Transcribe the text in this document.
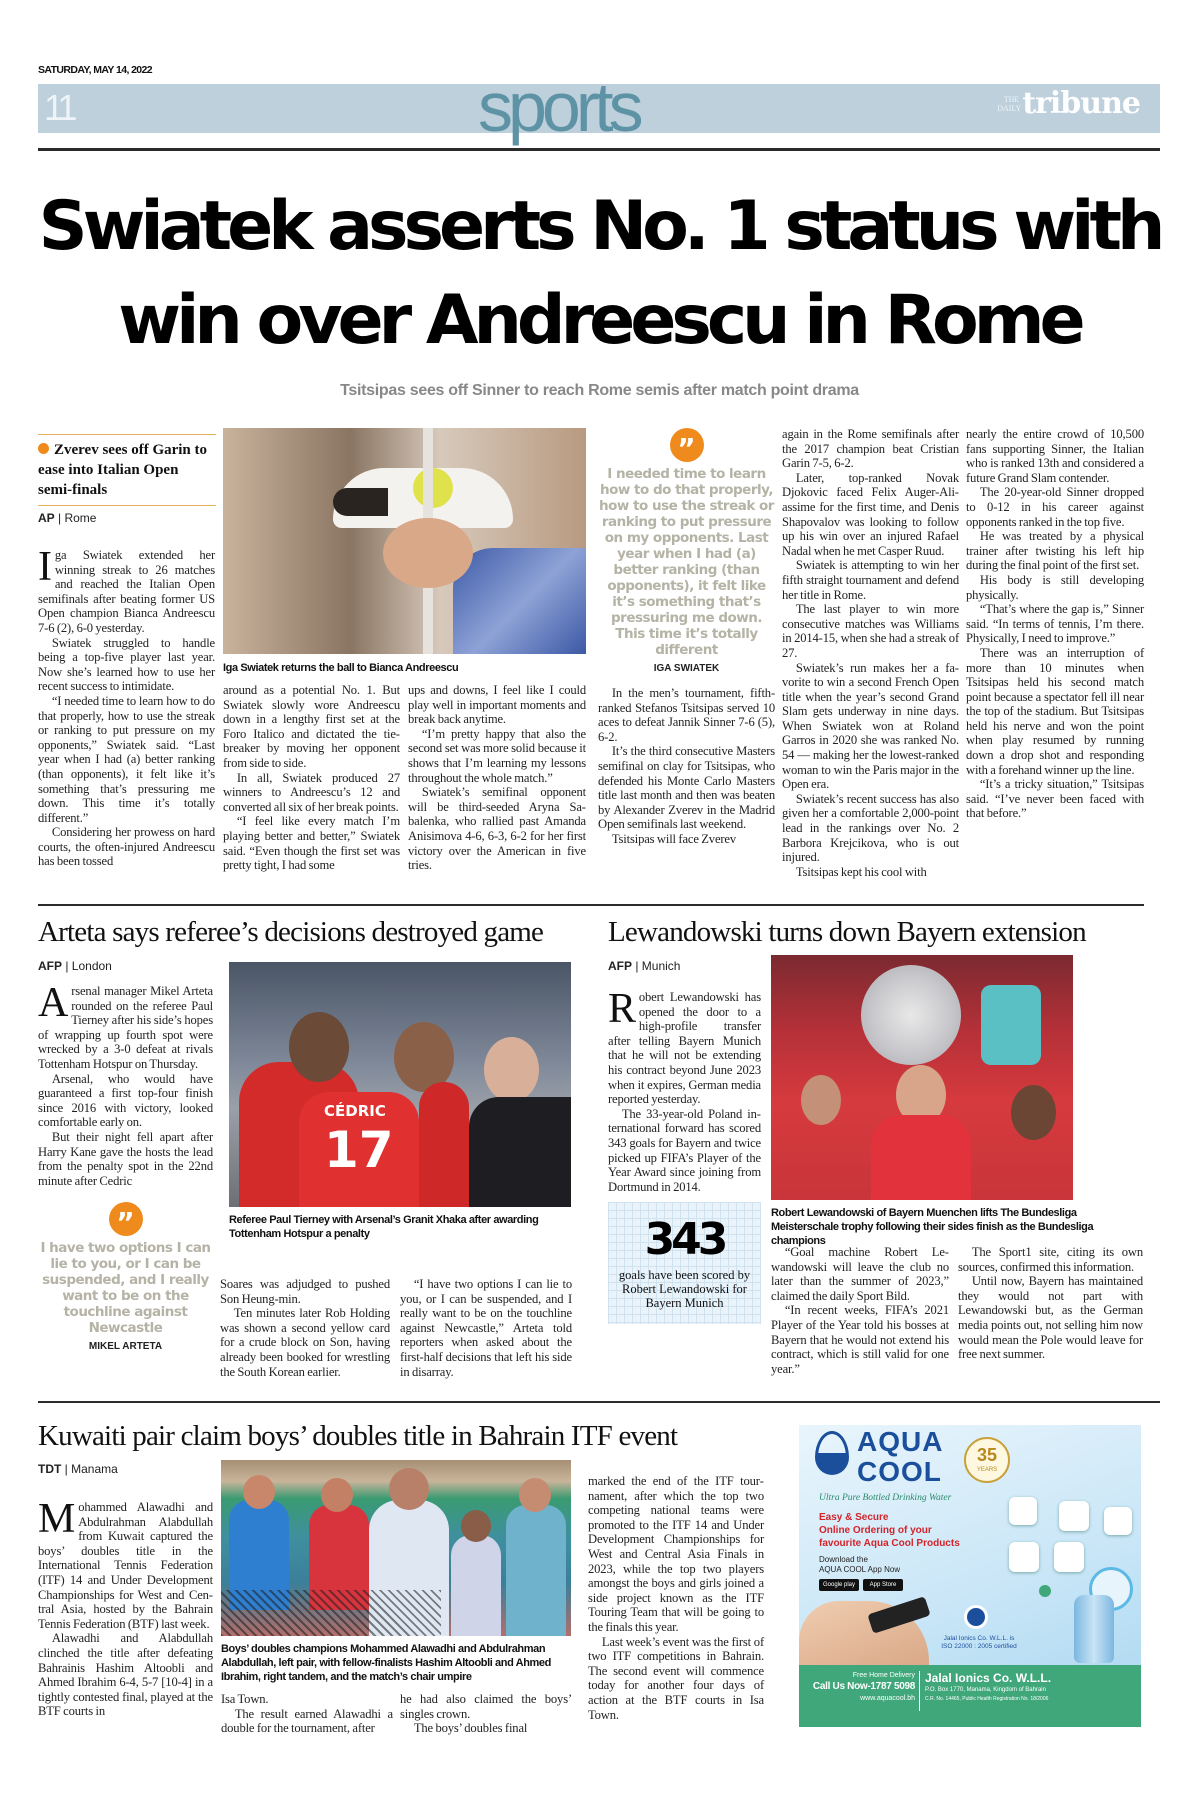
SATURDAY, MAY 14, 2022
11	sports	THE DAILY tribune
Swiatek asserts No. 1 status with
win over Andreescu in Rome
Tsitsipas sees off Sinner to reach Rome semis after match point drama
Zverev sees off Garin to ease into Italian Open semi-finals
AP | Rome

Iga Swiatek extended her winning streak to 26 matches and reached the Italian Open semifinals after beating former US Open champion Bianca Andreescu 7-6 (2), 6-0 yesterday.

Swiatek struggled to handle being a top-five player last year. Now she’s learned how to use her recent success to intimidate.

“I needed time to learn how to do that properly, how to use the streak or ranking to put pressure on my opponents,” Swiatek said. “Last year when I had (a) better ranking (than opponents), it felt like it’s something that’s pressuring me down. This time it’s totally different.”

Considering her prowess on hard courts, the often-injured Andreescu has been tossed

Iga Swiatek returns the ball to Bianca Andreescu

around as a potential No. 1. But Swiatek slowly wore Andreescu down in a lengthy first set at the Foro Italico and dictated the tiebreaker by moving her opponent from side to side.

In all, Swiatek produced 27 winners to Andreescu’s 12 and converted all six of her break points.

“I feel like every match I’m playing better and better,” Swiatek said. “Even though the first set was pretty tight, I had some

ups and downs, I feel like I could play well in important moments and break back anytime.

“I’m pretty happy that also the second set was more solid because it shows that I’m learning my lessons throughout the whole match.”

Swiatek’s semifinal opponent will be third-seeded Aryna Sabalenka, who rallied past Amanda Anisimova 4-6, 6-3, 6-2 for her first victory over the American in five tries.

”
I needed time to learn how to do that properly, how to use the streak or ranking to put pressure on my opponents. Last year when I had (a) better ranking (than opponents), it felt like it’s something that’s pressuring me down. This time it’s totally different
IGA SWIATEK

In the men’s tournament, fifth-ranked Stefanos Tsitsipas served 10 aces to defeat Jannik Sinner 7-6 (5), 6-2.

It’s the third consecutive Masters semifinal on clay for Tsitsipas, who defended his Monte Carlo Masters title last month and then was beaten by Alexander Zverev in the Madrid Open semifinals last weekend.

Tsitsipas will face Zverev

again in the Rome semifinals after the 2017 champion beat Cristian Garin 7-5, 6-2.

Later, top-ranked Novak Djokovic faced Felix Auger-Aliassime for the first time, and Denis Shapovalov was looking to follow up his win over an injured Rafael Nadal when he met Casper Ruud.

Swiatek is attempting to win her fifth straight tournament and defend her title in Rome.

The last player to win more consecutive matches was Williams in 2014-15, when she had a streak of 27.

Swiatek’s run makes her a favorite to win a second French Open title when the year’s second Grand Slam gets underway in nine days. When Swiatek won at Roland Garros in 2020 she was ranked No. 54 — making her the lowest-ranked woman to win the Paris major in the Open era.

Swiatek’s recent success has also given her a comfortable 2,000-point lead in the rankings over No. 2 Barbora Krejcikova, who is out injured.

Tsitsipas kept his cool with

nearly the entire crowd of 10,500 fans supporting Sinner, the Italian who is ranked 13th and considered a future Grand Slam contender.

The 20-year-old Sinner dropped to 0-12 in his career against opponents ranked in the top five.

He was treated by a physical trainer after twisting his left hip during the final point of the first set.

His body is still developing physically.

“That’s where the gap is,” Sinner said. “In terms of tennis, I’m there. Physically, I need to improve.”

There was an interruption of more than 10 minutes when Tsitsipas held his second match point because a spectator fell ill near the top of the stadium. But Tsitsipas held his nerve and won the point when play resumed by running down a drop shot and responding with a forehand winner up the line.

“It’s a tricky situation,” Tsitsipas said. “I’ve never been faced with that before.”

Arteta says referee’s decisions destroyed game
AFP | London

Arsenal manager Mikel Arteta rounded on the referee Paul Tierney after his side’s hopes of wrapping up fourth spot were wrecked by a 3-0 defeat at rivals Tottenham Hotspur on Thursday.

Arsenal, who would have guaranteed a first top-four finish since 2016 with victory, looked comfortable early on.

But their night fell apart after Harry Kane gave the hosts the lead from the penalty spot in the 22nd minute after Cedric

”
I have two options I can lie to you, or I can be suspended, and I really want to be on the touchline against Newcastle
MIKEL ARTETA
CÉDRIC
17
Referee Paul Tierney with Arsenal’s Granit Xhaka after awarding Tottenham Hotspur a penalty

Soares was adjudged to pushed Son Heung-min.

Ten minutes later Rob Holding was shown a second yellow card for a crude block on Son, having already been booked for wrestling the South Korean earlier.

“I have two options I can lie to you, or I can be suspended, and I really want to be on the touchline against Newcastle,” Arteta told reporters when asked about the first-half decisions that left his side in disarray.

Lewandowski turns down Bayern extension
AFP | Munich

Robert Lewandowski has opened the door to a high-profile transfer after telling Bayern Munich that he will not be extending his contract beyond June 2023 when it expires, German media reported yesterday.

The 33-year-old Poland international forward has scored 343 goals for Bayern and twice picked up FIFA’s Player of the Year Award since joining from Dortmund in 2014.

343
goals have been scored by Robert Lewandowski for Bayern Munich
Robert Lewandowski of Bayern Muenchen lifts The Bundesliga Meisterschale trophy following their sides finish as the Bundesliga champions

“Goal machine Robert Lewandowski will leave the club no later than the summer of 2023,” claimed the daily Sport Bild.

“In recent weeks, FIFA’s 2021 Player of the Year told his bosses at Bayern that he would not extend his contract, which is still valid for one year.”

The Sport1 site, citing its own sources, confirmed this information.

Until now, Bayern has maintained they would not part with Lewandowski but, as the German media points out, not selling him now would mean the Pole would leave for free next summer.

Kuwaiti pair claim boys’ doubles title in Bahrain ITF event
TDT | Manama

Mohammed Alawadhi and Abdulrahman Alabdullah from Kuwait captured the boys’ doubles title in the International Tennis Federation (ITF) 14 and Under Development Championships for West and Central Asia, hosted by the Bahrain Tennis Federation (BTF) last week.

Alawadhi and Alabdullah clinched the title after defeating Bahrainis Hashim Altoobli and Ahmed Ibrahim 6-4, 5-7 [10-4] in a tightly contested final, played at the BTF courts in

Boys’ doubles champions Mohammed Alawadhi and Abdulrahman Alabdullah, left pair, with fellow-finalists Hashim Altoobli and Ahmed Ibrahim, right tandem, and the match’s chair umpire

Isa Town.

The result earned Alawadhi a double for the tournament, after

he had also claimed the boys’ singles crown.

The boys’ doubles final

marked the end of the ITF tournament, after which the top two competing national teams were promoted to the ITF 14 and Under Development Championships for West and Central Asia Finals in 2023, while the top two players amongst the boys and girls joined a side project known as the ITF Touring Team that will be going to the finals this year.

Last week’s event was the first of two ITF competitions in Bahrain. The second event will commence today for another four days of action at the BTF courts in Isa Town.

AQUA
COOL
35
YEARS
Ultra Pure Bottled Drinking Water
Easy & Secure
Online Ordering of your
favourite Aqua Cool Products
Download the
AQUA COOL App Now
Google play	App Store
Jalal Ionics Co. W.L.L. is
ISO 22000 : 2005 certified
Free Home Delivery
Call Us Now-1787 5098
www.aquacool.bh
Jalal Ionics Co. W.L.L.
P.O. Box 1770, Manama, Kingdom of Bahrain
C.R. No. 14465, Public Health Registration No. 18/2006
